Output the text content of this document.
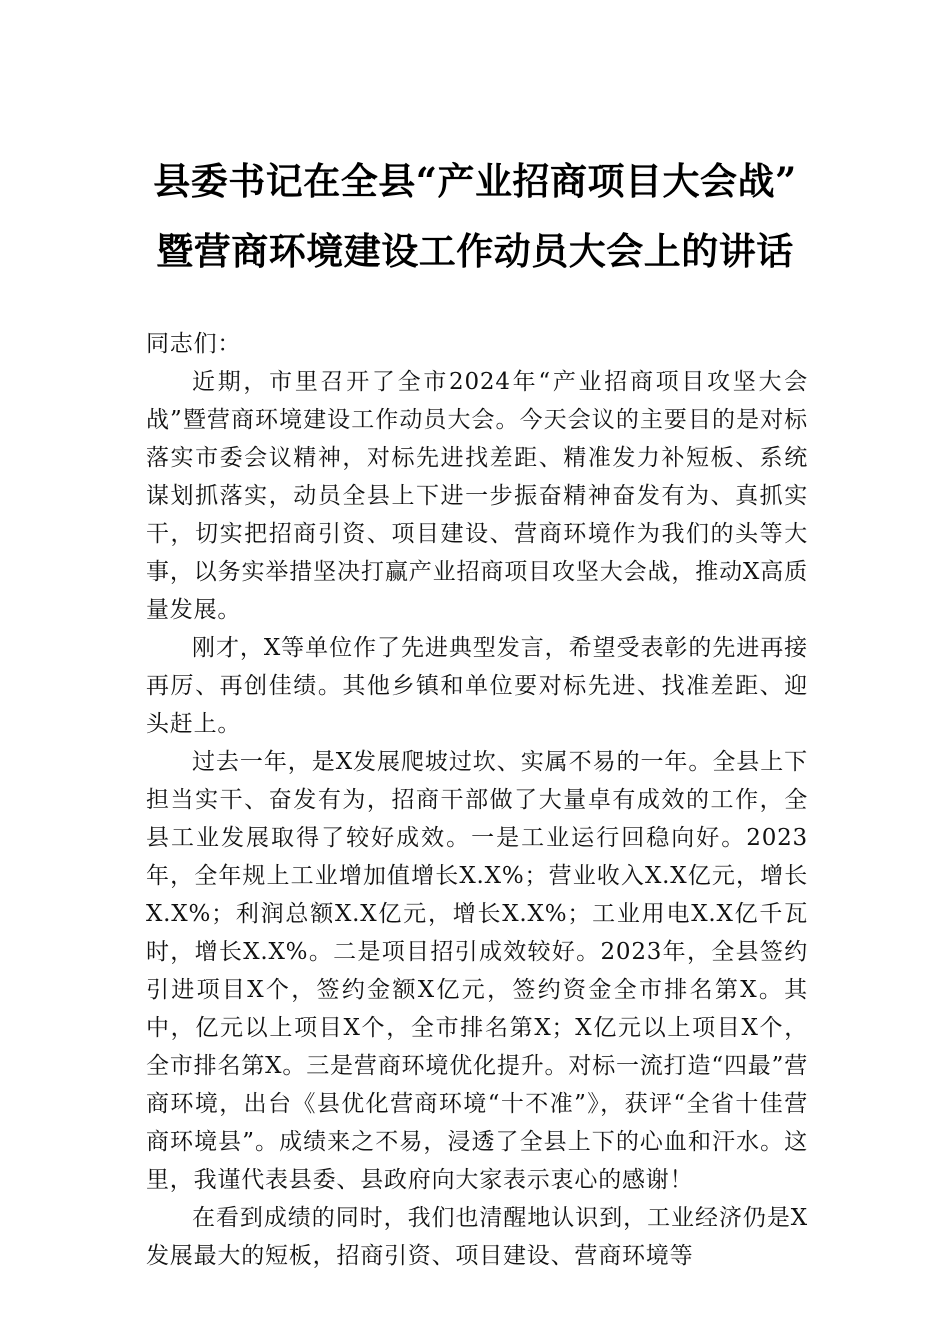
县委书记在全县“产业招商项目大会战”
暨营商环境建设工作动员大会上的讲话

同志们：

近期，市里召开了全市2024年“产业招商项目攻坚大会战”暨营商环境建设工作动员大会。今天会议的主要目的是对标落实市委会议精神，对标先进找差距、精准发力补短板、系统谋划抓落实，动员全县上下进一步振奋精神奋发有为、真抓实干，切实把招商引资、项目建设、营商环境作为我们的头等大事，以务实举措坚决打赢产业招商项目攻坚大会战，推动X高质量发展。

刚才，X等单位作了先进典型发言，希望受表彰的先进再接再厉、再创佳绩。其他乡镇和单位要对标先进、找准差距、迎头赶上。

过去一年，是X发展爬坡过坎、实属不易的一年。全县上下担当实干、奋发有为，招商干部做了大量卓有成效的工作，全县工业发展取得了较好成效。一是工业运行回稳向好。2023年，全年规上工业增加值增长X.X%；营业收入X.X亿元，增长X.X%；利润总额X.X亿元，增长X.X%；工业用电X.X亿千瓦时，增长X.X%。二是项目招引成效较好。2023年，全县签约引进项目X个，签约金额X亿元，签约资金全市排名第X。其中，亿元以上项目X个，全市排名第X；X亿元以上项目X个，全市排名第X。三是营商环境优化提升。对标一流打造“四最”营商环境，出台《县优化营商环境“十不准”》，获评“全省十佳营商环境县”。成绩来之不易，浸透了全县上下的心血和汗水。这里，我谨代表县委、县政府向大家表示衷心的感谢！

在看到成绩的同时，我们也清醒地认识到，工业经济仍是X发展最大的短板，招商引资、项目建设、营商环境等
